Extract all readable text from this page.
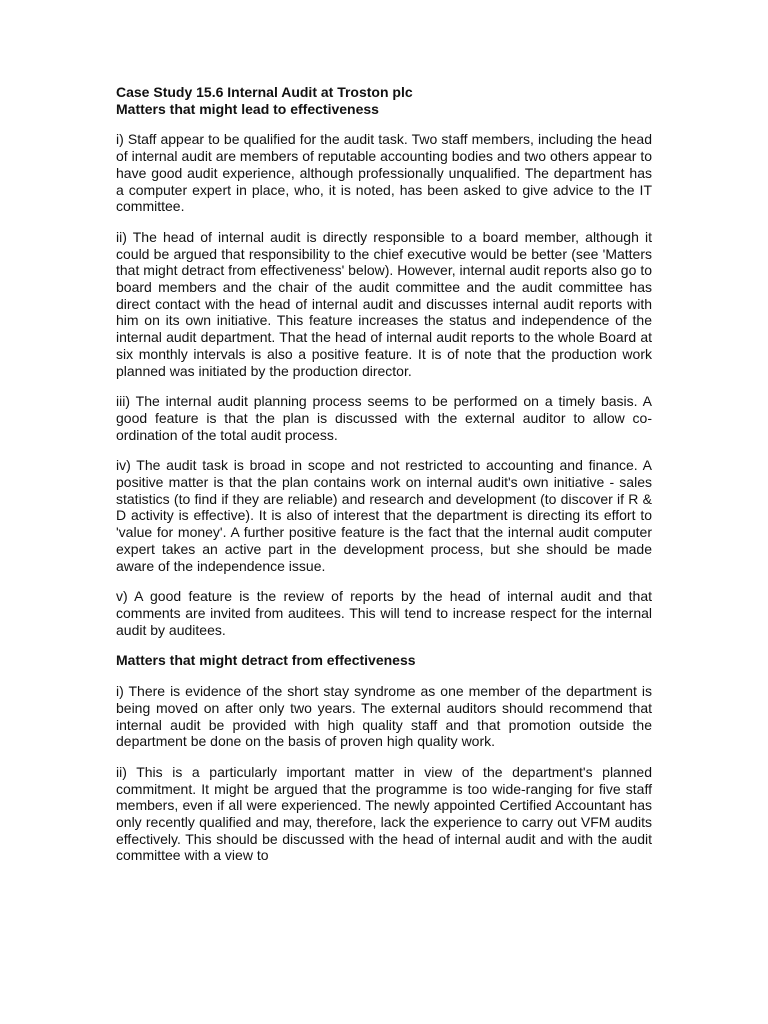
Case Study 15.6 Internal Audit at Troston plc

Matters that might lead to effectiveness

i) Staff appear to be qualified for the audit task. Two staff members, including the head of internal audit are members of reputable accounting bodies and two others appear to have good audit experience, although professionally unqualified. The department has a computer expert in place, who, it is noted, has been asked to give advice to the IT committee.

ii) The head of internal audit is directly responsible to a board member, although it could be argued that responsibility to the chief executive would be better (see 'Matters that might detract from effectiveness' below). However, internal audit reports also go to board members and the chair of the audit committee and the audit committee has direct contact with the head of internal audit and discusses internal audit reports with him on its own initiative. This feature increases the status and independence of the internal audit department. That the head of internal audit reports to the whole Board at six monthly intervals is also a positive feature. It is of note that the production work planned was initiated by the production director.

iii) The internal audit planning process seems to be performed on a timely basis. A good feature is that the plan is discussed with the external auditor to allow co- ordination of the total audit process.

iv) The audit task is broad in scope and not restricted to accounting and finance. A positive matter is that the plan contains work on internal audit's own initiative - sales statistics (to find if they are reliable) and research and development (to discover if R & D activity is effective). It is also of interest that the department is directing its effort to 'value for money'. A further positive feature is the fact that the internal audit computer expert takes an active part in the development process, but she should be made aware of the independence issue.

v) A good feature is the review of reports by the head of internal audit and that comments are invited from auditees. This will tend to increase respect for the internal audit by auditees.

Matters that might detract from effectiveness

i) There is evidence of the short stay syndrome as one member of the department is being moved on after only two years. The external auditors should recommend that internal audit be provided with high quality staff and that promotion outside the department be done on the basis of proven high quality work.

ii) This is a particularly important matter in view of the department's planned commitment. It might be argued that the programme is too wide-ranging for five staff members, even if all were experienced. The newly appointed Certified Accountant has only recently qualified and may, therefore, lack the experience to carry out VFM audits effectively. This should be discussed with the head of internal audit and with the audit committee with a view to
